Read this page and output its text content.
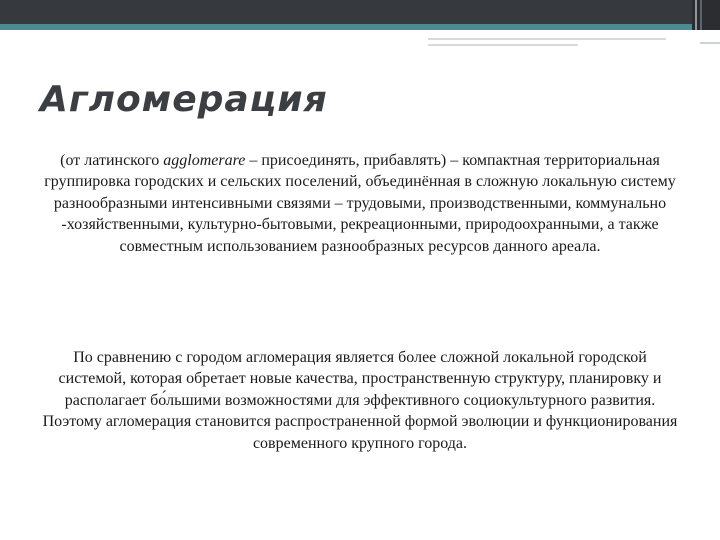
Агломерация

(от латинского agglomerare – присоединять, прибавлять) – компактная территориальная группировка городских и сельских поселений, объединённая в сложную локальную систему разнообразными интенсивными связями – трудовыми, производственными, коммунально -хозяйственными, культурно-бытовыми, рекреационными, природоохранными, а также совместным использованием разнообразных ресурсов данного ареала.

По сравнению с городом агломерация является более сложной локальной городской системой, которая обретает новые качества, пространственную структуру, планировку и располагает бо́льшими возможностями для эффективного социокультурного развития. Поэтому агломерация становится распространенной формой эволюции и функционирования современного крупного города.
